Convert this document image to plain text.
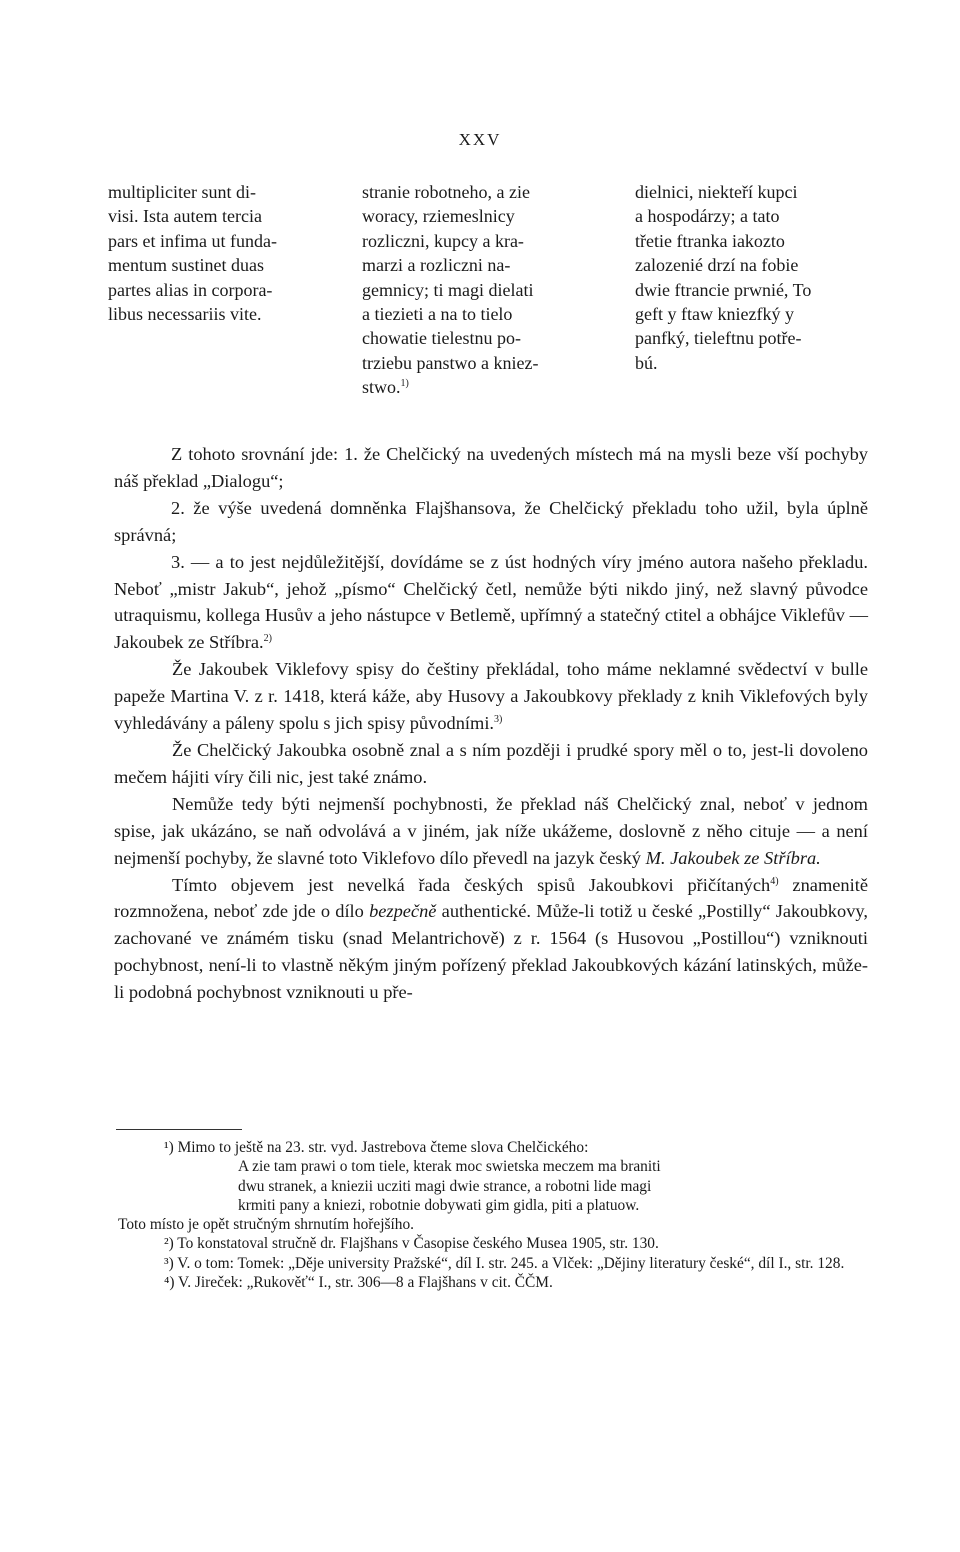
XXV
multipliciter sunt di-
visi. Ista autem tercia
pars et infima ut funda-
mentum sustinet duas
partes alias in corpora-
libus necessariis vite.
stranie robotneho, a zie
woracy, rziemeslnicy
rozliczni, kupcy a kra-
marzi a rozliczni na-
gemnicy; ti magi dielati
a tiezieti a na to tielo
chowatie tielestnu po-
trziebu panstwo a kniez-
stwo.$^{1)}$
dielnici, niekteří kupci
a hospodárzy; a tato
třetie ftranka iakozto
zalozenié drzí na fobie
dwie ftrancie prwnié, To
geft y ftaw kniezfký y
panfký, tieleftnu potře-
bú.

Z tohoto srovnání jde: 1. že Chelčický na uvedených místech má na mysli beze vší pochyby náš překlad „Dialogu“;

2. že výše uvedená domněnka Flajšhansova, že Chelčický překladu toho užil, byla úplně správná;

3. — a to jest nejdůležitější, dovídáme se z úst hodných víry jméno autora našeho překladu. Neboť „mistr Jakub“, jehož „písmo“ Chelčický četl, nemůže býti nikdo jiný, než slavný původce utraquismu, kollega Husův a jeho nástupce v Betlemě, upřímný a statečný ctitel a obhájce Viklefův — Jakoubek ze Stříbra.$^{2)}$

Že Jakoubek Viklefovy spisy do češtiny překládal, toho máme neklamné svědectví v bulle papeže Martina V. z r. 1418, která káže, aby Husovy a Jakoubkovy překlady z knih Viklefových byly vyhledávány a páleny spolu s jich spisy původními.$^{3)}$

Že Chelčický Jakoubka osobně znal a s ním později i prudké spory měl o to, jest-li dovoleno mečem hájiti víry čili nic, jest také známo.

Nemůže tedy býti nejmenší pochybnosti, že překlad náš Chelčický znal, neboť v jednom spise, jak ukázáno, se naň odvolává a v jiném, jak níže ukážeme, doslovně z něho cituje — a není nejmenší pochyby, že slavné toto Viklefovo dílo převedl na jazyk český M. Jakoubek ze Stříbra.

Tímto objevem jest nevelká řada českých spisů Jakoubkovi přičítaných$^{4)}$ znamenitě rozmnožena, neboť zde jde o dílo bezpečně authentické. Může-li totiž u české „Postilly“ Jakoubkovy, zachované ve známém tisku (snad Melantrichově) z r. 1564 (s Husovou „Postillou“) vzniknouti pochybnost, není-li to vlastně někým jiným pořízený překlad Jakoubkových kázání latinských, může-li podobná pochybnost vzniknouti u pře-

¹) Mimo to ještě na 23. str. vyd. Jastrebova čteme slova Chelčického:

A zie tam prawi o tom tiele, kterak moc swietska meczem ma braniti
dwu stranek, a kniezii ucziti magi dwie strance, a robotni lide magi
krmiti pany a kniezi, robotnie dobywati gim gidla, piti a platuow.

Toto místo je opět stručným shrnutím hořejšího.

²) To konstatoval stručně dr. Flajšhans v Časopise českého Musea 1905, str. 130.

³) V. o tom: Tomek: „Děje university Pražské“, díl I. str. 245. a Vlček: „Dějiny literatury české“, díl I., str. 128.

⁴) V. Jireček: „Rukověť“ I., str. 306—8 a Flajšhans v cit. ČČM.
